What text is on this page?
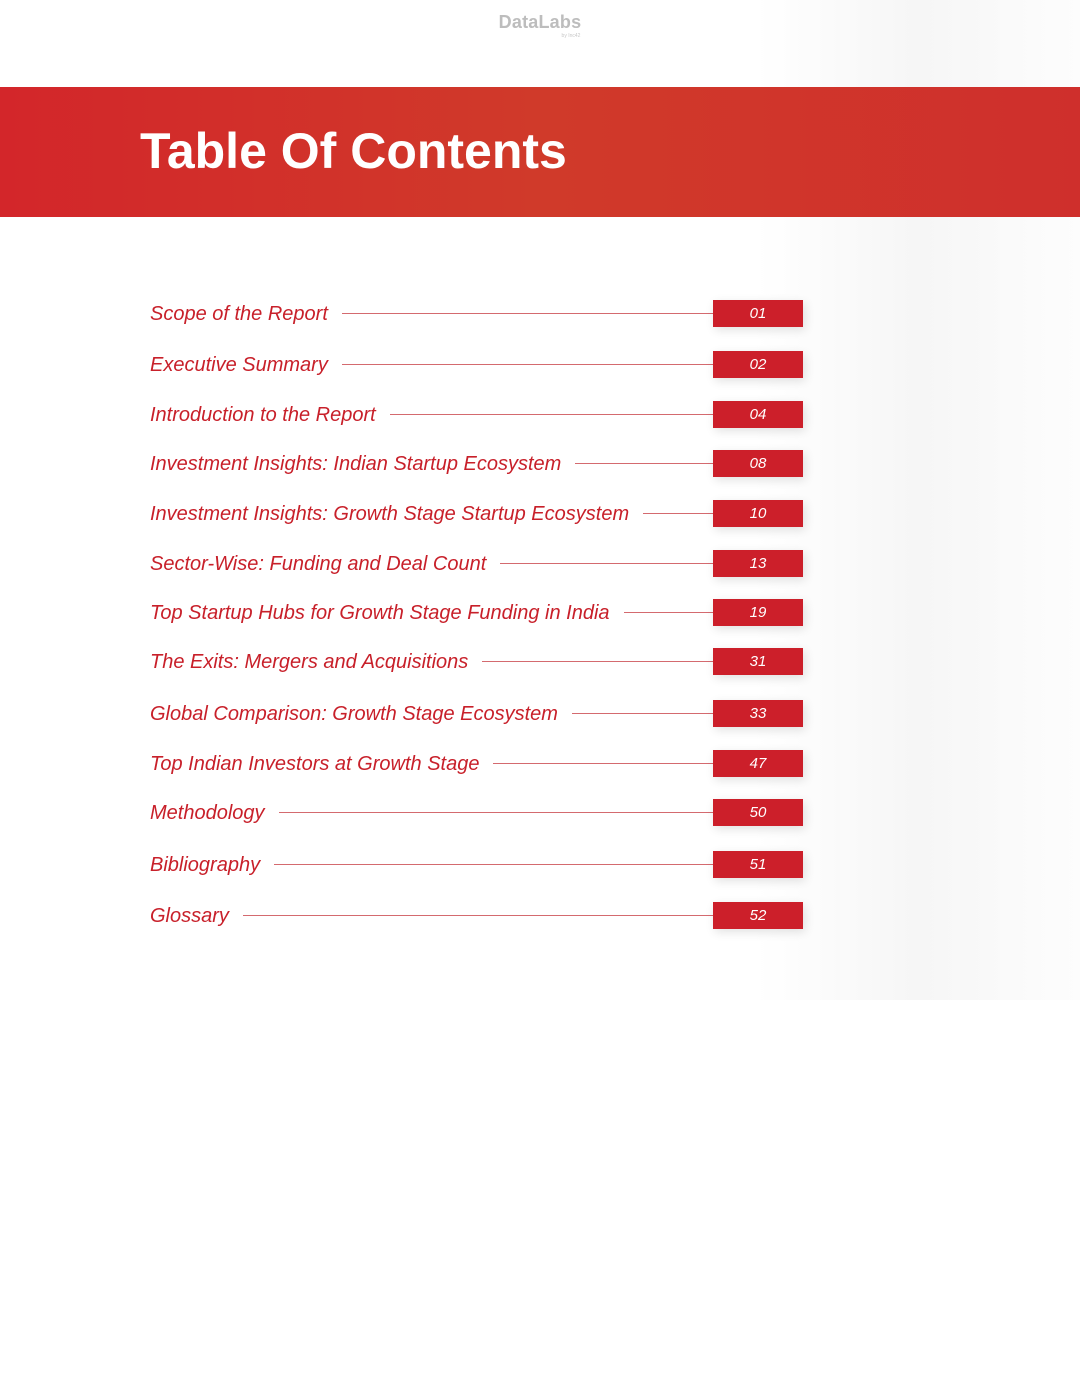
DataLabs
by Inc42
Table Of Contents
Scope of the Report	01
Executive Summary	02
Introduction to the Report	04
Investment Insights: Indian Startup Ecosystem	08
Investment Insights: Growth Stage Startup Ecosystem	10
Sector-Wise: Funding and Deal Count	13
Top Startup Hubs for Growth Stage Funding in India	19
The Exits: Mergers and Acquisitions	31
Global Comparison: Growth Stage Ecosystem	33
Top Indian Investors at Growth Stage	47
Methodology	50
Bibliography	51
Glossary	52
